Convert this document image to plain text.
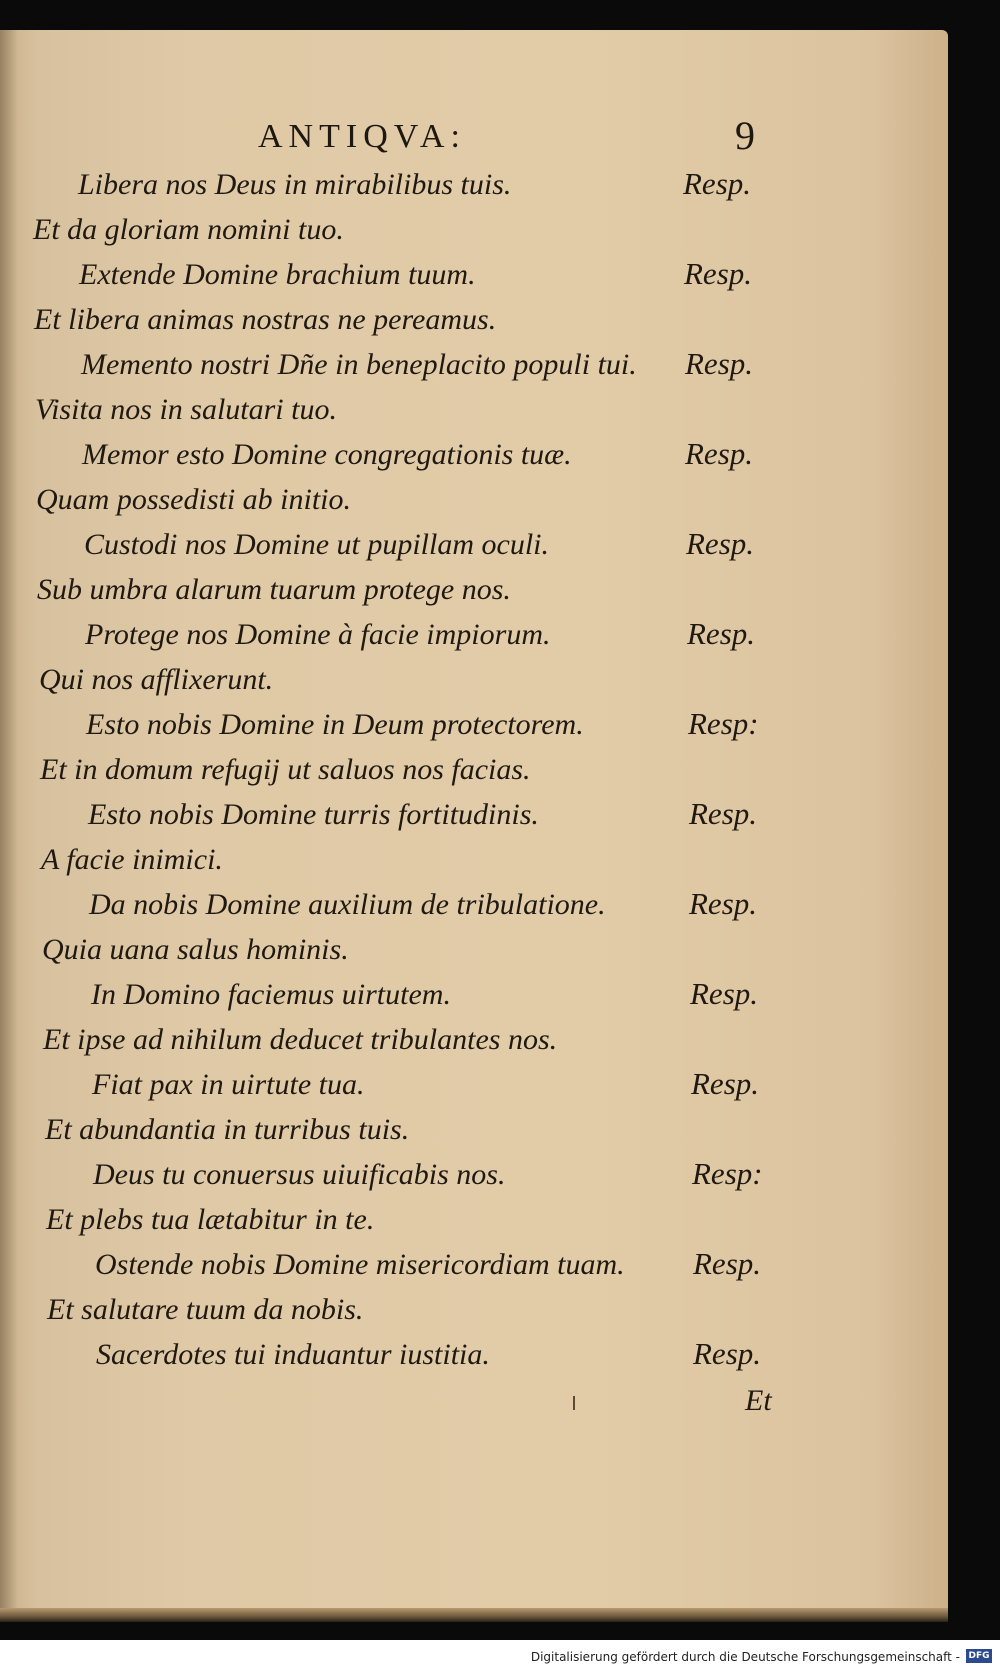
ANTIQVA:	9
Libera nos Deus in mirabilibus tuis.	Resp.
Et da gloriam nomini tuo.
Extende Domine brachium tuum.	Resp.
Et libera animas nostras ne pereamus.
Memento nostri Dñe in beneplacito populi tui. Resp.
Visita nos in salutari tuo.
Memor esto Domine congregationis tuæ.	Resp.
Quam possedisti ab initio.
Custodi nos Domine ut pupillam oculi.	Resp.
Sub umbra alarum tuarum protege nos.
Protege nos Domine à facie impiorum.	Resp.
Qui nos afflixerunt.
Esto nobis Domine in Deum protectorem.	Resp:
Et in domum refugij ut saluos nos facias.
Esto nobis Domine turris fortitudinis.	Resp.
A facie inimici.
Da nobis Domine auxilium de tribulatione.	Resp.
Quia uana salus hominis.
In Domino faciemus uirtutem.	Resp.
Et ipse ad nihilum deducet tribulantes nos.
Fiat pax in uirtute tua.	Resp.
Et abundantia in turribus tuis.
Deus tu conuersus uiuificabis nos.	Resp:
Et plebs tua lætabitur in te.
Ostende nobis Domine misericordiam tuam. Resp.
Et salutare tuum da nobis.
Sacerdotes tui induantur iustitia.	Resp.
Et
Digitalisierung gefördert durch die Deutsche Forschungsgemeinschaft - DFG
